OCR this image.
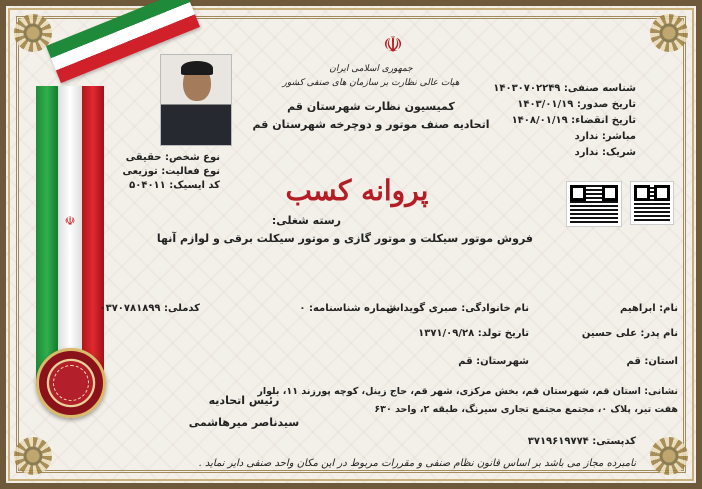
☫
نوع شخص: حقیقی
نوع فعالیت: توزیعی
کد ایسیک: ۵۰۴۰۱۱
☫
جمهوری اسلامی ایران
هیات عالی نظارت بر سازمان های صنفی کشور
کمیسیون نظارت شهرستان قم
اتحادیه صنف موتور و دوچرخه شهرستان قم
شناسه صنفی: ۱۴۰۳۰۷۰۲۲۴۹
تاریخ صدور: ۱۴۰۳/۰۱/۱۹
تاریخ انقضاء: ۱۴۰۸/۰۱/۱۹
مباشر: ندارد
شریک: ندارد
پروانه کسب
رسته شغلی:
فروش موتور سیکلت و موتور گازی و موتور سیکلت برقی و لوازم آنها
نام: ابراهیم
نام خانوادگی: صبری گویداش
شماره شناسنامه: ۰
کدملی: ۰۳۷۰۷۸۱۸۹۹
نام پدر: علی حسین
تاریخ تولد: ۱۳۷۱/۰۹/۲۸
استان: قم
شهرستان: قم
نشانی: استان قم، شهرستان قم، بخش مرکزی، شهر قم، حاج زینل، کوچه پورزند ۱۱، بلوار
هفت تیر، پلاک ۰، مجتمع مجتمع تجاری سیرنگ، طبقه ۲، واحد ۶۳۰
کدپستی: ۳۷۱۹۶۱۹۷۷۴
رئیس اتحادیه
سیدناصر میرهاشمی
نامبرده مجاز می باشد بر اساس قانون نظام صنفی و مقررات مربوط در این مکان واحد صنفی دایر نماید .
